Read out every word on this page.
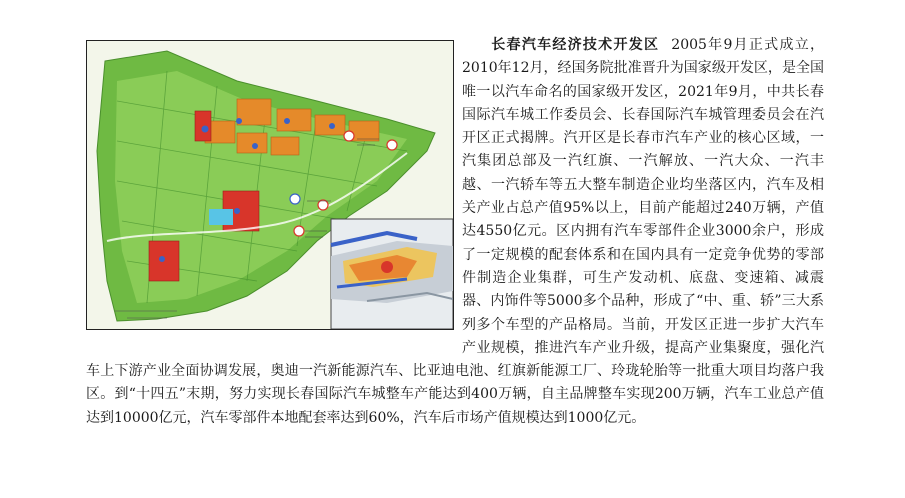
长春汽车经济技术开发区 2005年9月正式成立，2010年12月，经国务院批准晋升为国家级开发区，是全国唯一以汽车命名的国家级开发区，2021年9月，中共长春国际汽车城工作委员会、长春国际汽车城管理委员会在汽开区正式揭牌。汽开区是长春市汽车产业的核心区域，一汽集团总部及一汽红旗、一汽解放、一汽大众、一汽丰越、一汽轿车等五大整车制造企业均坐落区内，汽车及相关产业占总产值95%以上，目前产能超过240万辆，产值达4550亿元。区内拥有汽车零部件企业3000余户，形成了一定规模的配套体系和在国内具有一定竞争优势的零部件制造企业集群，可生产发动机、底盘、变速箱、减震器、内饰件等5000多个品种，形成了“中、重、轿”三大系列多个车型的产品格局。当前，开发区正进一步扩大汽车产业规模，推进汽车产业升级，提高产业集聚度，强化汽车上下游产业全面协调发展，奥迪一汽新能源汽车、比亚迪电池、红旗新能源工厂、玲珑轮胎等一批重大项目均落户我区。到“十四五”末期，努力实现长春国际汽车城整车产能达到400万辆，自主品牌整车实现200万辆，汽车工业总产值达到10000亿元，汽车零部件本地配套率达到60%，汽车后市场产值规模达到1000亿元。
